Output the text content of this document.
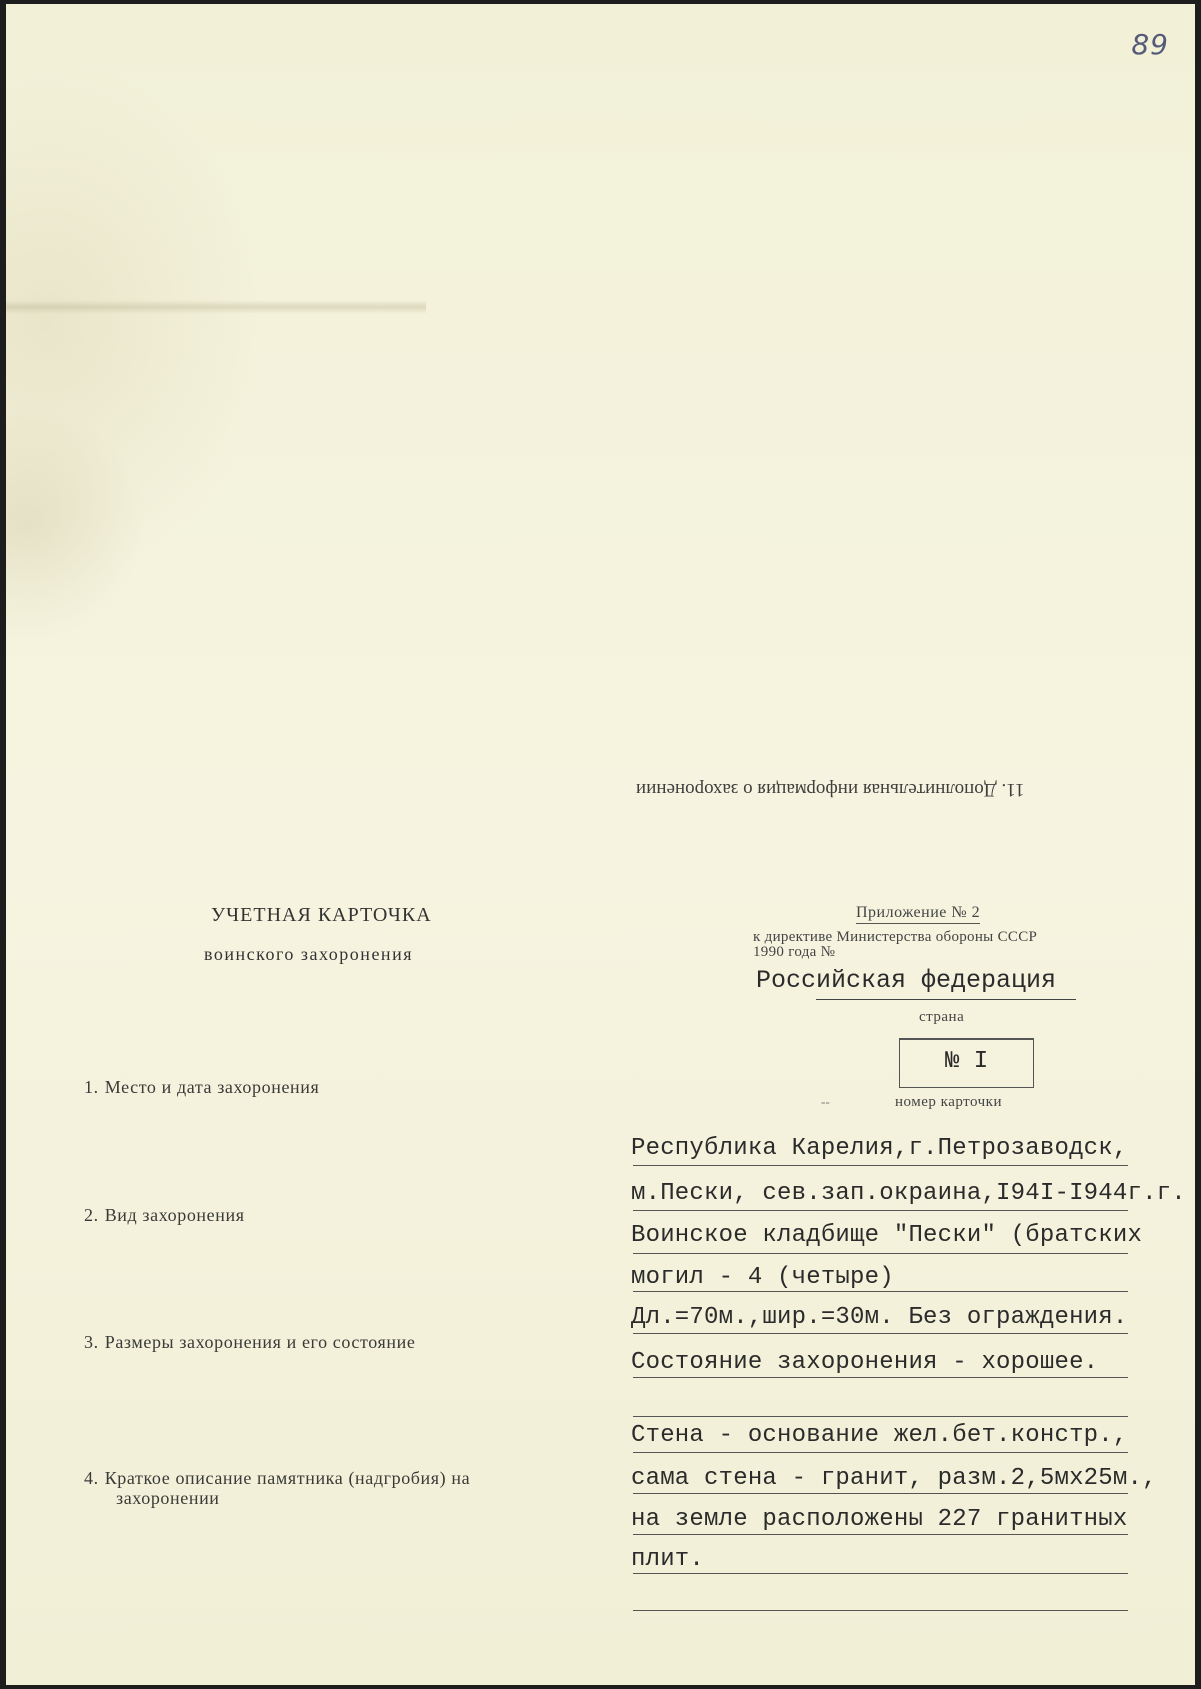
89
11. Дополнительная информация о захоронении
УЧЕТНАЯ КАРТОЧКА
воинского захоронения
Приложение № 2
к директиве Министерства обороны СССР
1990 года №
Российская федерация
страна
№ I
--	номер карточки
1. Место и дата захоронения
Республика Карелия,г.Петрозаводск,
м.Пески, сев.зап.окраина,I94I-I944г.г.
2. Вид захоронения
Воинское кладбище "Пески" (братских
могил - 4 (четыре)
3. Размеры захоронения и его состояние
Дл.=70м.,шир.=30м. Без ограждения.
Состояние захоронения - хорошее.
4. Краткое описание памятника (надгробия) на
захоронении
Стена - основание жел.бет.констр.,
сама стена - гранит, разм.2,5мх25м.,
на земле расположены 227 гранитных
плит.
